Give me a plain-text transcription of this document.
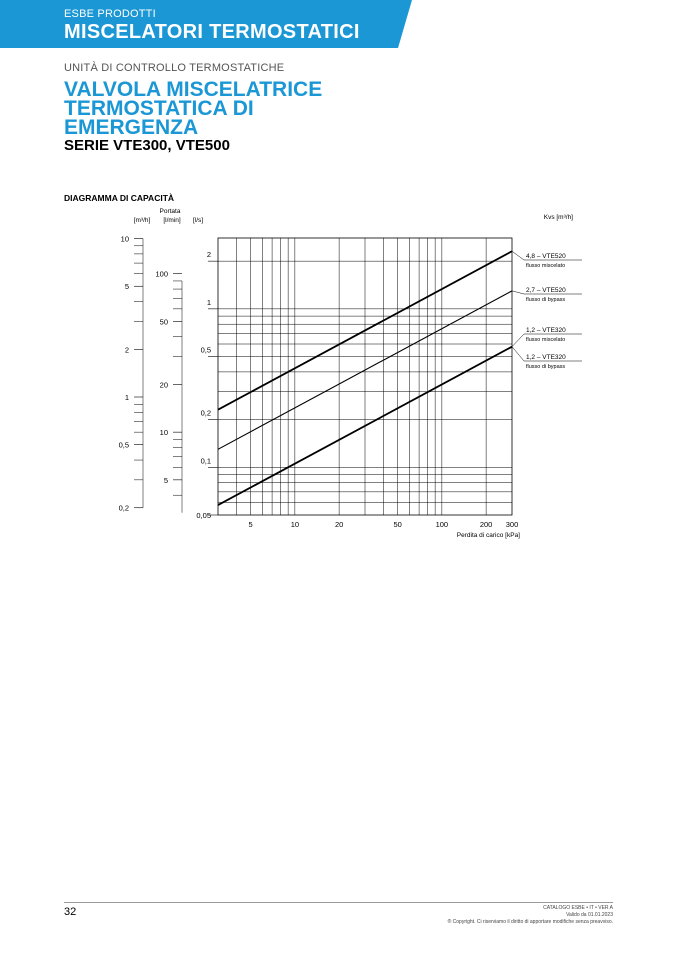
ESBE PRODOTTI
MISCELATORI TERMOSTATICI
UNITÀ DI CONTROLLO TERMOSTATICHE
VALVOLA MISCELATRICE
TERMOSTATICA DI
EMERGENZA
SERIE VTE300, VTE500
DIAGRAMMA DI CAPACITÀ
5	10	20	50	100	200 300
Perdita di carico [kPa]
0,05
0,1
0,2
0,5
1
2
5
10
20
50
100
0,2
0,5
1
2
5
10
Portata
[m³/h] [l/min] [l/s]	Kvs [m³/h]
4,8 – VTE520
flusso miscelato
2,7 – VTE520
flusso di bypass
1,2 – VTE320
flusso miscelato
1,2 – VTE320
flusso di bypass
32	CATALOGO ESBE • IT • VER A
Valido da 01.01.2023
® Copyright. Ci riserviamo il diritto di apportare modifiche senza preavviso.
